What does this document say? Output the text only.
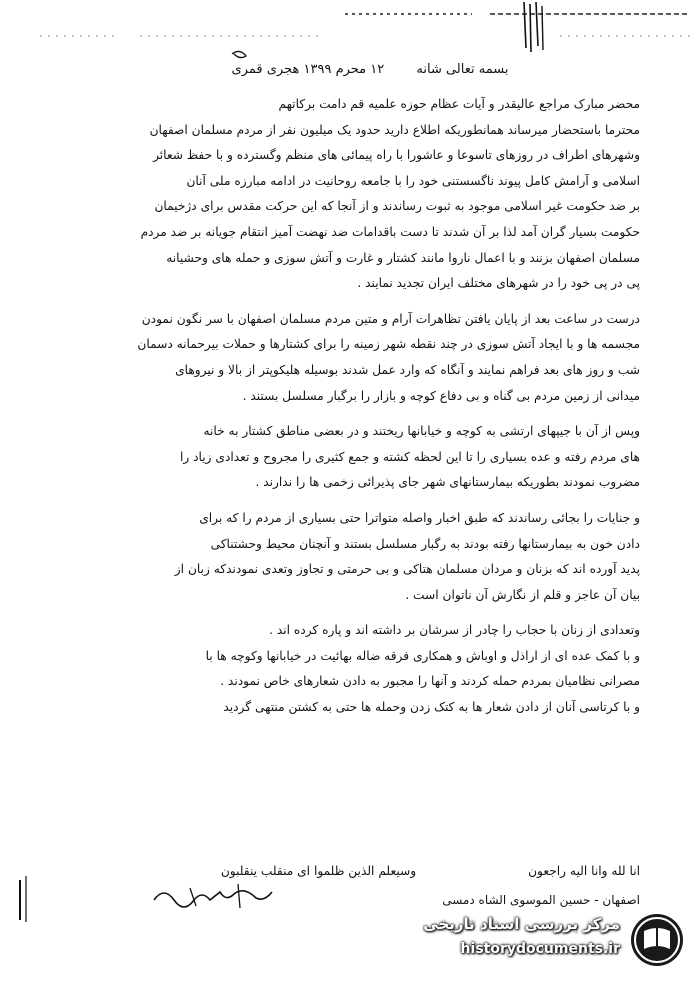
بسمه تعالی شانه ۱۲ محرم ۱۳۹۹ هجری قمری
محضر مبارک مراجع عالیقدر و آیات عظام حوزه علمیه قم دامت برکاتهم
محترما باستحضار میرساند همانطوریکه اطلاع دارید حدود یک میلیون نفر از مردم مسلمان اصفهان
وشهرهای اطراف در روزهای تاسوعا و عاشورا با راه پیمائی های منظم وگسترده و با حفظ شعائر
اسلامی و آرامش کامل پیوند ناگسستنی خود را با جامعه روحانیت در ادامه مبارزه ملی آنان
بر ضد حکومت غیر اسلامی موجود به ثبوت رساندند و از آنجا که این حرکت مقدس برای دژخیمان
حکومت بسیار گران آمد لذا بر آن شدند تا دست باقدامات ضد نهضت آمیز انتقام جویانه بر ضد مردم
مسلمان اصفهان بزنند و با اعمال ناروا مانند کشتار و غارت و آتش سوزی و حمله های وحشیانه
پی در پی خود را در شهرهای مختلف ایران تجدید نمایند .
درست در ساعت بعد از پایان یافتن تظاهرات آرام و متین مردم مسلمان اصفهان با سر نگون نمودن
مجسمه ها و با ایجاد آتش سوزی در چند نقطه شهر زمینه را برای کشتارها و حملات بیرحمانه دسمان
شب و روز های بعد فراهم نمایند و آنگاه که وارد عمل شدند بوسیله هلیکوپتر از بالا و نیروهای
میدانی از زمین مردم بی گناه و بی دفاع کوچه و بازار را برگبار مسلسل بستند .
وپس از آن با جیپهای ارتشی به کوچه و خیابانها ریختند و در بعضی مناطق کشتار به خانه
های مردم رفته و عده بسیاری را تا این لحظه کشته و جمع کثیری را مجروح و تعدادی زیاد را
مضروب نمودند بطوریکه بیمارستانهای شهر جای پذیرائی زخمی ها را ندارند .
و جنایات را بجائی رساندند که طبق اخبار واصله متواترا حتی بسیاری از مردم را که برای
دادن خون به بیمارستانها رفته بودند به رگبار مسلسل بستند و آنچنان محیط وحشتناکی
پدید آورده اند که بزنان و مردان مسلمان هتاکی و بی حرمتی و تجاوز وتعدی نمودندکه زبان از
بیان آن عاجز و قلم از نگارش آن ناتوان است .
وتعدادی از زنان با حجاب را چادر از سرشان بر داشته اند و پاره کرده اند .
و با کمک عده ای از اراذل و اوباش و همکاری فرقه ضاله بهائیت در خیابانها وکوچه ها با
مصرانی نظامیان بمردم حمله کردند و آنها را مجبور به دادن شعارهای خاص نمودند .
و با کرتاسی آنان از دادن شعار ها به کتک زدن وحمله ها حتی به کشتن منتهی گردید
انا لله وانا الیه راجعون وسیعلم الذین ظلموا ای منقلب ینقلبون
اصفهان - حسین الموسوی الشاه دمسی
مرکز بررسی اسناد تاریخی
historydocuments.ir
